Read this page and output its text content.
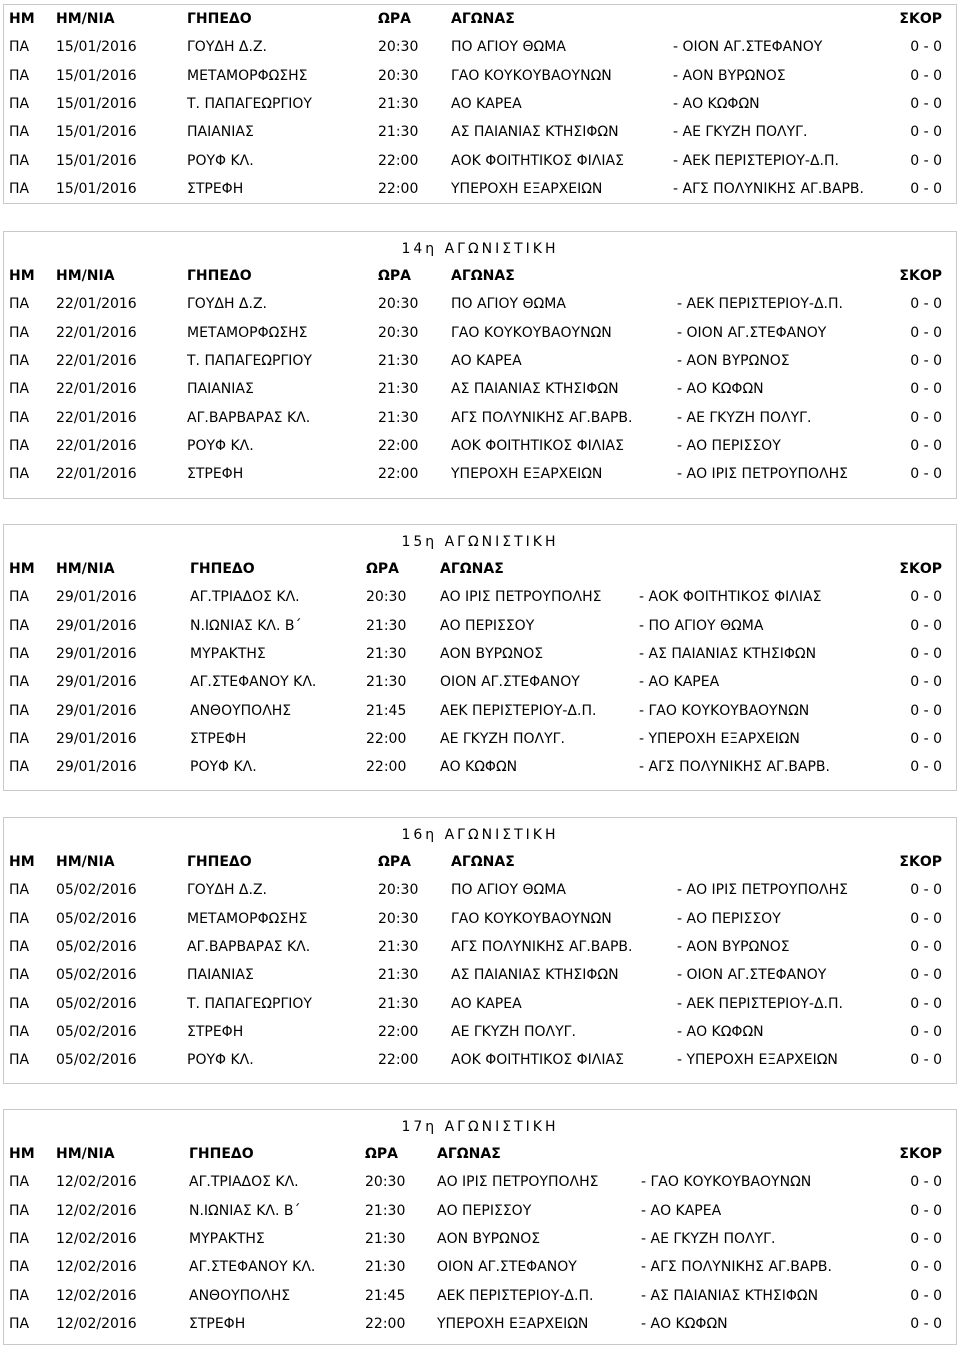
ΗΜ ΗΜ/ΝΙΑ	ΓΗΠΕΔΟ	ΩΡΑ	ΑΓΩΝΑΣ	ΣΚΟΡ
ΠΑ 15/01/2016	ΓΟΥΔΗ Δ.Ζ.	20:30 ΠΟ ΑΓΙΟΥ ΘΩΜΑ	- ΟΙΟΝ ΑΓ.ΣΤΕΦΑΝΟΥ	0 - 0
ΠΑ 15/01/2016	ΜΕΤΑΜΟΡΦΩΣΗΣ	20:30 ΓΑΟ ΚΟΥΚΟΥΒΑΟΥΝΩΝ	- ΑΟΝ ΒΥΡΩΝΟΣ	0 - 0
ΠΑ 15/01/2016	Τ. ΠΑΠΑΓΕΩΡΓΙΟΥ	21:30 ΑΟ ΚΑΡΕΑ	- ΑΟ ΚΩΦΩΝ	0 - 0
ΠΑ 15/01/2016	ΠΑΙΑΝΙΑΣ	21:30 ΑΣ ΠΑΙΑΝΙΑΣ ΚΤΗΣΙΦΩΝ	- ΑΕ ΓΚΥΖΗ ΠΟΛΥΓ.	0 - 0
ΠΑ 15/01/2016	ΡΟΥΦ ΚΛ.	22:00 ΑΟΚ ΦΟΙΤΗΤΙΚΟΣ ΦΙΛΙΑΣ	- ΑΕΚ ΠΕΡΙΣΤΕΡΙΟΥ-Δ.Π.	0 - 0
ΠΑ 15/01/2016	ΣΤΡΕΦΗ	22:00 ΥΠΕΡΟΧΗ ΕΞΑΡΧΕΙΩΝ	- ΑΓΣ ΠΟΛΥΝΙΚΗΣ ΑΓ.ΒΑΡΒ.	0 - 0
14η ΑΓΩΝΙΣΤΙΚΗ
ΗΜ ΗΜ/ΝΙΑ	ΓΗΠΕΔΟ	ΩΡΑ	ΑΓΩΝΑΣ	ΣΚΟΡ
ΠΑ 22/01/2016	ΓΟΥΔΗ Δ.Ζ.	20:30 ΠΟ ΑΓΙΟΥ ΘΩΜΑ	- ΑΕΚ ΠΕΡΙΣΤΕΡΙΟΥ-Δ.Π.	0 - 0
ΠΑ 22/01/2016	ΜΕΤΑΜΟΡΦΩΣΗΣ	20:30 ΓΑΟ ΚΟΥΚΟΥΒΑΟΥΝΩΝ	- ΟΙΟΝ ΑΓ.ΣΤΕΦΑΝΟΥ	0 - 0
ΠΑ 22/01/2016	Τ. ΠΑΠΑΓΕΩΡΓΙΟΥ	21:30 ΑΟ ΚΑΡΕΑ	- ΑΟΝ ΒΥΡΩΝΟΣ	0 - 0
ΠΑ 22/01/2016	ΠΑΙΑΝΙΑΣ	21:30 ΑΣ ΠΑΙΑΝΙΑΣ ΚΤΗΣΙΦΩΝ	- ΑΟ ΚΩΦΩΝ	0 - 0
ΠΑ 22/01/2016	ΑΓ.ΒΑΡΒΑΡΑΣ ΚΛ.	21:30 ΑΓΣ ΠΟΛΥΝΙΚΗΣ ΑΓ.ΒΑΡΒ.	- ΑΕ ΓΚΥΖΗ ΠΟΛΥΓ.	0 - 0
ΠΑ 22/01/2016	ΡΟΥΦ ΚΛ.	22:00 ΑΟΚ ΦΟΙΤΗΤΙΚΟΣ ΦΙΛΙΑΣ	- ΑΟ ΠΕΡΙΣΣΟΥ	0 - 0
ΠΑ 22/01/2016	ΣΤΡΕΦΗ	22:00 ΥΠΕΡΟΧΗ ΕΞΑΡΧΕΙΩΝ	- ΑΟ ΙΡΙΣ ΠΕΤΡΟΥΠΟΛΗΣ	0 - 0
15η ΑΓΩΝΙΣΤΙΚΗ
ΗΜ ΗΜ/ΝΙΑ	ΓΗΠΕΔΟ	ΩΡΑ	ΑΓΩΝΑΣ	ΣΚΟΡ
ΠΑ 29/01/2016	ΑΓ.ΤΡΙΑΔΟΣ ΚΛ.	20:30 ΑΟ ΙΡΙΣ ΠΕΤΡΟΥΠΟΛΗΣ	- ΑΟΚ ΦΟΙΤΗΤΙΚΟΣ ΦΙΛΙΑΣ	0 - 0
ΠΑ 29/01/2016	Ν.ΙΩΝΙΑΣ ΚΛ. Β΄	21:30 ΑΟ ΠΕΡΙΣΣΟΥ	- ΠΟ ΑΓΙΟΥ ΘΩΜΑ	0 - 0
ΠΑ 29/01/2016	ΜΥΡΑΚΤΗΣ	21:30 ΑΟΝ ΒΥΡΩΝΟΣ	- ΑΣ ΠΑΙΑΝΙΑΣ ΚΤΗΣΙΦΩΝ	0 - 0
ΠΑ 29/01/2016	ΑΓ.ΣΤΕΦΑΝΟΥ ΚΛ.	21:30 ΟΙΟΝ ΑΓ.ΣΤΕΦΑΝΟΥ	- ΑΟ ΚΑΡΕΑ	0 - 0
ΠΑ 29/01/2016	ΑΝΘΟΥΠΟΛΗΣ	21:45 ΑΕΚ ΠΕΡΙΣΤΕΡΙΟΥ-Δ.Π.	- ΓΑΟ ΚΟΥΚΟΥΒΑΟΥΝΩΝ	0 - 0
ΠΑ 29/01/2016	ΣΤΡΕΦΗ	22:00 ΑΕ ΓΚΥΖΗ ΠΟΛΥΓ.	- ΥΠΕΡΟΧΗ ΕΞΑΡΧΕΙΩΝ	0 - 0
ΠΑ 29/01/2016	ΡΟΥΦ ΚΛ.	22:00 ΑΟ ΚΩΦΩΝ	- ΑΓΣ ΠΟΛΥΝΙΚΗΣ ΑΓ.ΒΑΡΒ.	0 - 0
16η ΑΓΩΝΙΣΤΙΚΗ
ΗΜ ΗΜ/ΝΙΑ	ΓΗΠΕΔΟ	ΩΡΑ	ΑΓΩΝΑΣ	ΣΚΟΡ
ΠΑ 05/02/2016	ΓΟΥΔΗ Δ.Ζ.	20:30 ΠΟ ΑΓΙΟΥ ΘΩΜΑ	- ΑΟ ΙΡΙΣ ΠΕΤΡΟΥΠΟΛΗΣ	0 - 0
ΠΑ 05/02/2016	ΜΕΤΑΜΟΡΦΩΣΗΣ	20:30 ΓΑΟ ΚΟΥΚΟΥΒΑΟΥΝΩΝ	- ΑΟ ΠΕΡΙΣΣΟΥ	0 - 0
ΠΑ 05/02/2016	ΑΓ.ΒΑΡΒΑΡΑΣ ΚΛ.	21:30 ΑΓΣ ΠΟΛΥΝΙΚΗΣ ΑΓ.ΒΑΡΒ.	- ΑΟΝ ΒΥΡΩΝΟΣ	0 - 0
ΠΑ 05/02/2016	ΠΑΙΑΝΙΑΣ	21:30 ΑΣ ΠΑΙΑΝΙΑΣ ΚΤΗΣΙΦΩΝ	- ΟΙΟΝ ΑΓ.ΣΤΕΦΑΝΟΥ	0 - 0
ΠΑ 05/02/2016	Τ. ΠΑΠΑΓΕΩΡΓΙΟΥ	21:30 ΑΟ ΚΑΡΕΑ	- ΑΕΚ ΠΕΡΙΣΤΕΡΙΟΥ-Δ.Π.	0 - 0
ΠΑ 05/02/2016	ΣΤΡΕΦΗ	22:00 ΑΕ ΓΚΥΖΗ ΠΟΛΥΓ.	- ΑΟ ΚΩΦΩΝ	0 - 0
ΠΑ 05/02/2016	ΡΟΥΦ ΚΛ.	22:00 ΑΟΚ ΦΟΙΤΗΤΙΚΟΣ ΦΙΛΙΑΣ	- ΥΠΕΡΟΧΗ ΕΞΑΡΧΕΙΩΝ	0 - 0
17η ΑΓΩΝΙΣΤΙΚΗ
ΗΜ ΗΜ/ΝΙΑ	ΓΗΠΕΔΟ	ΩΡΑ	ΑΓΩΝΑΣ	ΣΚΟΡ
ΠΑ 12/02/2016	ΑΓ.ΤΡΙΑΔΟΣ ΚΛ.	20:30 ΑΟ ΙΡΙΣ ΠΕΤΡΟΥΠΟΛΗΣ	- ΓΑΟ ΚΟΥΚΟΥΒΑΟΥΝΩΝ	0 - 0
ΠΑ 12/02/2016	Ν.ΙΩΝΙΑΣ ΚΛ. Β΄	21:30 ΑΟ ΠΕΡΙΣΣΟΥ	- ΑΟ ΚΑΡΕΑ	0 - 0
ΠΑ 12/02/2016	ΜΥΡΑΚΤΗΣ	21:30 ΑΟΝ ΒΥΡΩΝΟΣ	- ΑΕ ΓΚΥΖΗ ΠΟΛΥΓ.	0 - 0
ΠΑ 12/02/2016	ΑΓ.ΣΤΕΦΑΝΟΥ ΚΛ.	21:30 ΟΙΟΝ ΑΓ.ΣΤΕΦΑΝΟΥ	- ΑΓΣ ΠΟΛΥΝΙΚΗΣ ΑΓ.ΒΑΡΒ.	0 - 0
ΠΑ 12/02/2016	ΑΝΘΟΥΠΟΛΗΣ	21:45 ΑΕΚ ΠΕΡΙΣΤΕΡΙΟΥ-Δ.Π.	- ΑΣ ΠΑΙΑΝΙΑΣ ΚΤΗΣΙΦΩΝ	0 - 0
ΠΑ 12/02/2016	ΣΤΡΕΦΗ	22:00 ΥΠΕΡΟΧΗ ΕΞΑΡΧΕΙΩΝ	- ΑΟ ΚΩΦΩΝ	0 - 0
